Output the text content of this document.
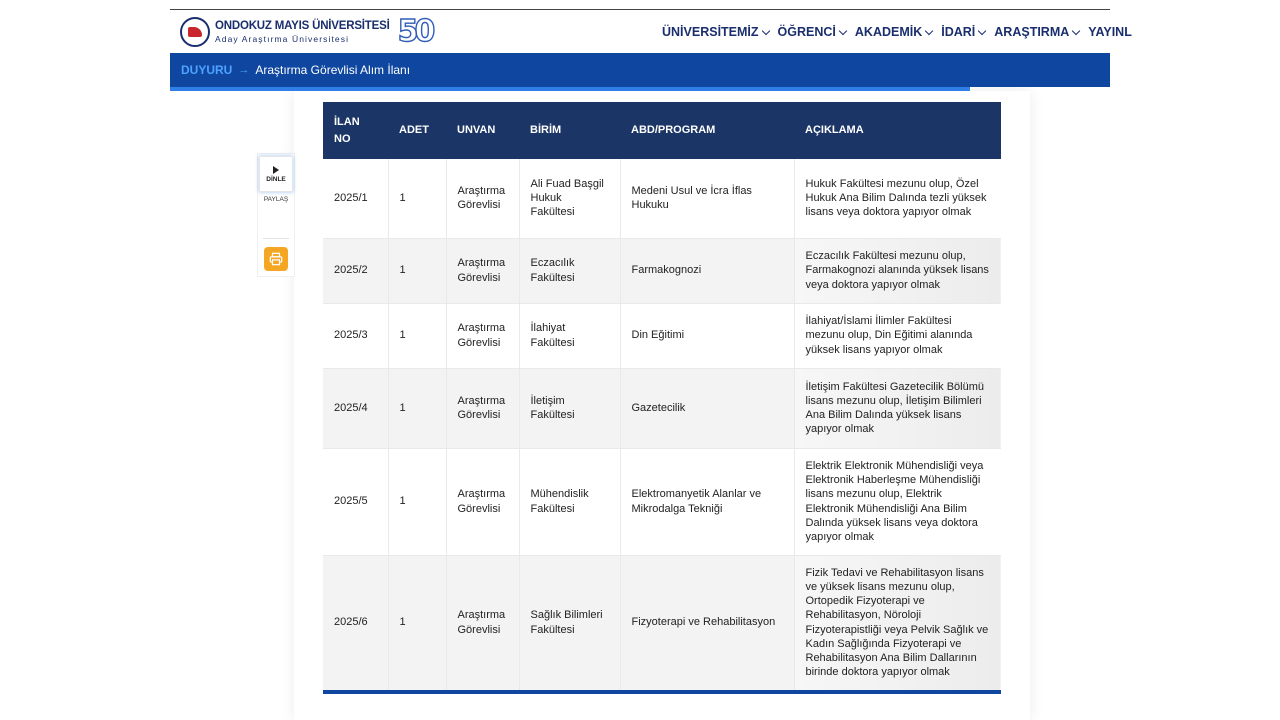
ONDOKUZ MAYIS ÜNİVERSİTESİ
Aday Araştırma Üniversitesi	50	ÜNİVERSİTEMİZ ÖĞRENCİ AKADEMİK İDARİ ARAŞTIRMA YAYINL
DUYURU → Araştırma Görevlisi Alım İlanı
DİNLE
PAYLAŞ
İLAN NO	ADET	UNVAN	BİRİM	ABD/PROGRAM	AÇIKLAMA
2025/1	1	Araştırma Görevlisi	Ali Fuad Başgil Hukuk Fakültesi	Medeni Usul ve İcra İflas Hukuku	Hukuk Fakültesi mezunu olup, Özel Hukuk Ana Bilim Dalında tezli yüksek lisans veya doktora yapıyor olmak
2025/2	1	Araştırma Görevlisi	Eczacılık Fakültesi	Farmakognozi	Eczacılık Fakültesi mezunu olup, Farmakognozi alanında yüksek lisans veya doktora yapıyor olmak
2025/3	1	Araştırma Görevlisi	İlahiyat Fakültesi	Din Eğitimi	İlahiyat/İslami İlimler Fakültesi mezunu olup, Din Eğitimi alanında yüksek lisans yapıyor olmak
2025/4	1	Araştırma Görevlisi	İletişim Fakültesi	Gazetecilik	İletişim Fakültesi Gazetecilik Bölümü lisans mezunu olup, İletişim Bilimleri Ana Bilim Dalında yüksek lisans yapıyor olmak
2025/5	1	Araştırma Görevlisi	Mühendislik Fakültesi	Elektromanyetik Alanlar ve Mikrodalga Tekniği	Elektrik Elektronik Mühendisliği veya Elektronik Haberleşme Mühendisliği lisans mezunu olup, Elektrik Elektronik Mühendisliği Ana Bilim Dalında yüksek lisans veya doktora yapıyor olmak
2025/6	1	Araştırma Görevlisi	Sağlık Bilimleri Fakültesi	Fizyoterapi ve Rehabilitasyon	Fizik Tedavi ve Rehabilitasyon lisans ve yüksek lisans mezunu olup, Ortopedik Fizyoterapi ve Rehabilitasyon, Nöroloji Fizyoterapistliği veya Pelvik Sağlık ve Kadın Sağlığında Fizyoterapi ve Rehabilitasyon Ana Bilim Dallarının birinde doktora yapıyor olmak
